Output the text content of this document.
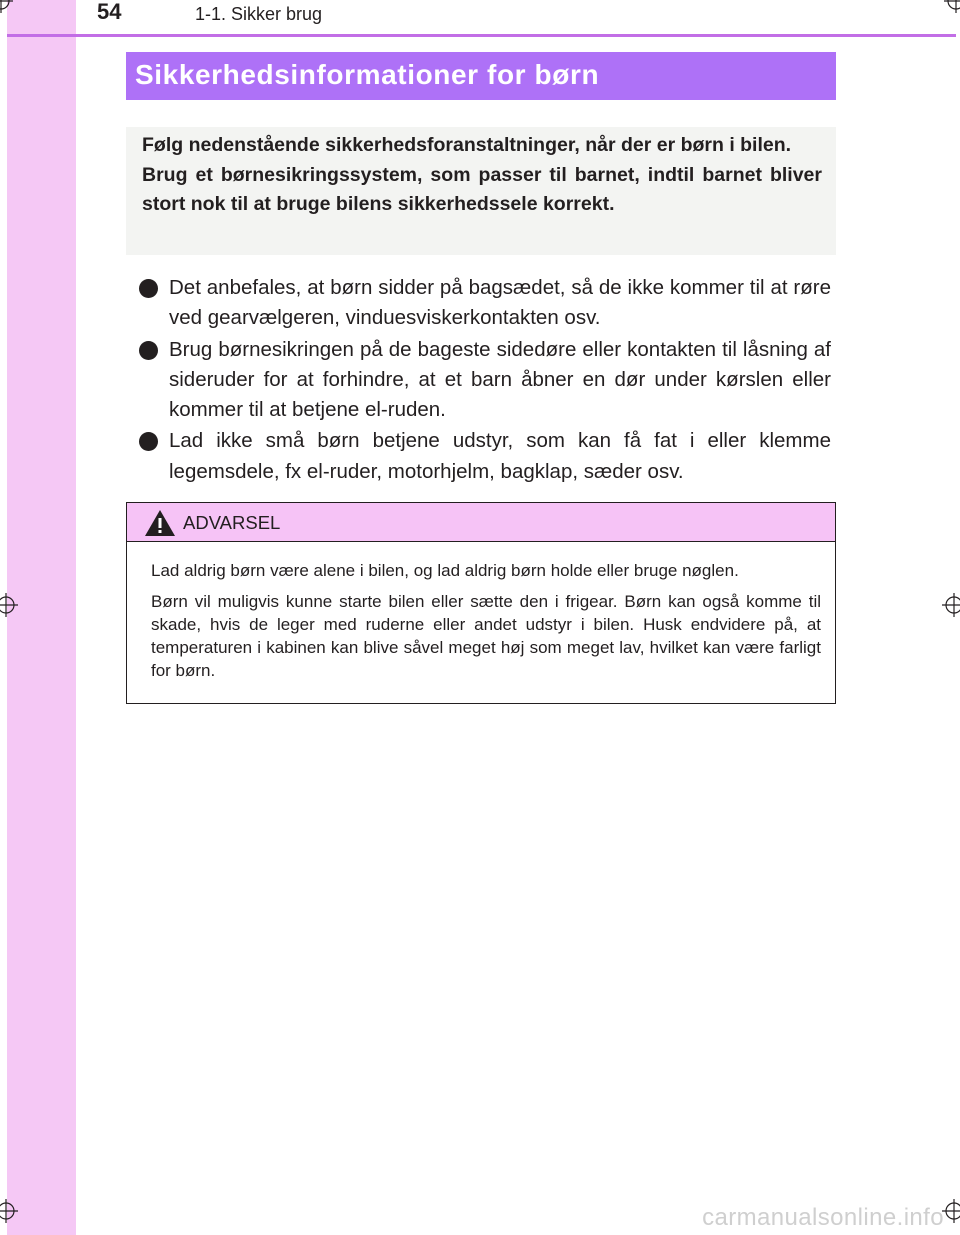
54	1-1. Sikker brug
Sikkerhedsinformationer for børn

Følg nedenstående sikkerhedsforanstaltninger, når der er børn i bilen.

Brug et børnesikringssystem, som passer til barnet, indtil barnet bliver stort nok til at bruge bilens sikkerhedssele korrekt.

Det anbefales, at børn sidder på bagsædet, så de ikke kommer til at røre ved gearvælgeren, vinduesviskerkontakten osv.
Brug børnesikringen på de bageste sidedøre eller kontakten til låsning af sideruder for at forhindre, at et barn åbner en dør under kørslen eller kommer til at betjene el-ruden.
Lad ikke små børn betjene udstyr, som kan få fat i eller klemme legemsdele, fx el-ruder, motorhjelm, bagklap, sæder osv.
ADVARSEL

Lad aldrig børn være alene i bilen, og lad aldrig børn holde eller bruge nøglen.

Børn vil muligvis kunne starte bilen eller sætte den i frigear. Børn kan også komme til skade, hvis de leger med ruderne eller andet udstyr i bilen. Husk endvidere på, at temperaturen i kabinen kan blive såvel meget høj som meget lav, hvilket kan være farligt for børn.

carmanualsonline.info
